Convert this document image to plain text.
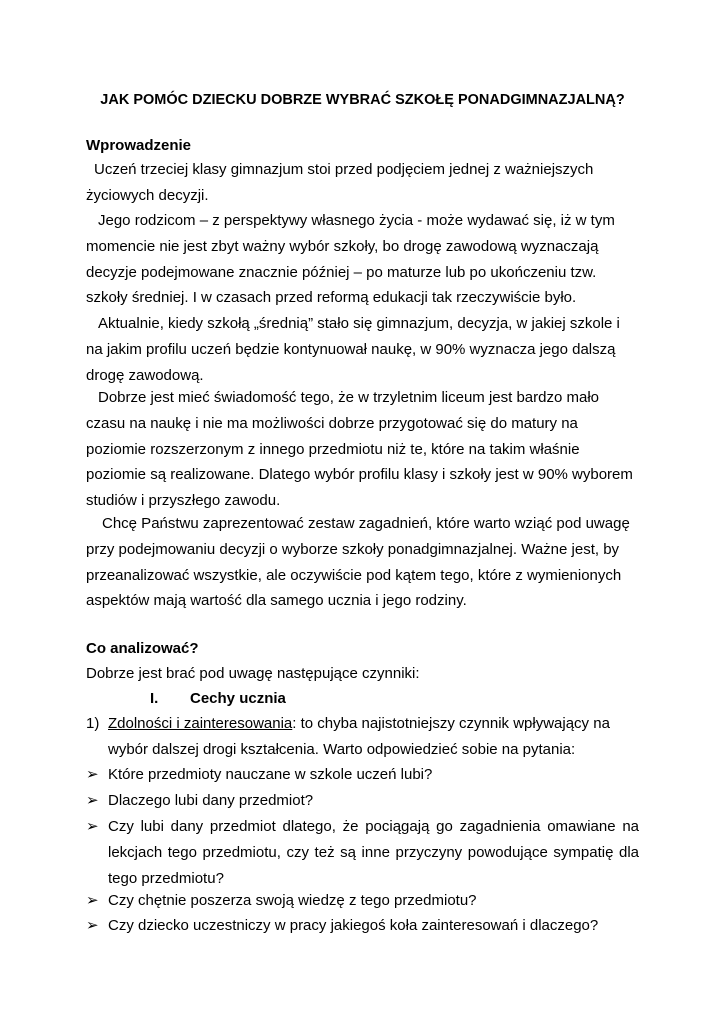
JAK POMÓC DZIECKU DOBRZE WYBRAĆ SZKOŁĘ PONADGIMNAZJALNĄ?
Wprowadzenie

Uczeń trzeciej klasy gimnazjum stoi przed podjęciem jednej z ważniejszych życiowych decyzji.

Jego rodzicom – z perspektywy własnego życia - może wydawać się, iż w tym momencie nie jest zbyt ważny wybór szkoły, bo drogę zawodową wyznaczają decyzje podejmowane znacznie później – po maturze lub po ukończeniu tzw. szkoły średniej. I w czasach przed reformą edukacji tak rzeczywiście było.

Aktualnie, kiedy szkołą „średnią” stało się gimnazjum, decyzja, w jakiej szkole i na jakim profilu uczeń będzie kontynuował naukę, w 90% wyznacza jego dalszą drogę zawodową.

Dobrze jest mieć świadomość tego, że w trzyletnim liceum jest bardzo mało czasu na naukę i nie ma możliwości dobrze przygotować się do matury na poziomie rozszerzonym z innego przedmiotu niż te, które na takim właśnie poziomie są realizowane. Dlatego wybór profilu klasy i szkoły jest w 90% wyborem studiów i przyszłego zawodu.

Chcę Państwu zaprezentować zestaw zagadnień, które warto wziąć pod uwagę przy podejmowaniu decyzji o wyborze szkoły ponadgimnazjalnej. Ważne jest, by przeanalizować wszystkie, ale oczywiście pod kątem tego, które z wymienionych aspektów mają wartość dla samego ucznia i jego rodziny.

Co analizować?
Dobrze jest brać pod uwagę następujące czynniki:
I. Cechy ucznia
1) Zdolności i zainteresowania: to chyba najistotniejszy czynnik wpływający na wybór dalszej drogi kształcenia. Warto odpowiedzieć sobie na pytania:
➢ Które przedmioty nauczane w szkole uczeń lubi?
➢ Dlaczego lubi dany przedmiot?
➢ Czy lubi dany przedmiot dlatego, że pociągają go zagadnienia omawiane na lekcjach tego przedmiotu, czy też są inne przyczyny powodujące sympatię dla tego przedmiotu?
➢ Czy chętnie poszerza swoją wiedzę z tego przedmiotu?
➢ Czy dziecko uczestniczy w pracy jakiegoś koła zainteresowań i dlaczego?
